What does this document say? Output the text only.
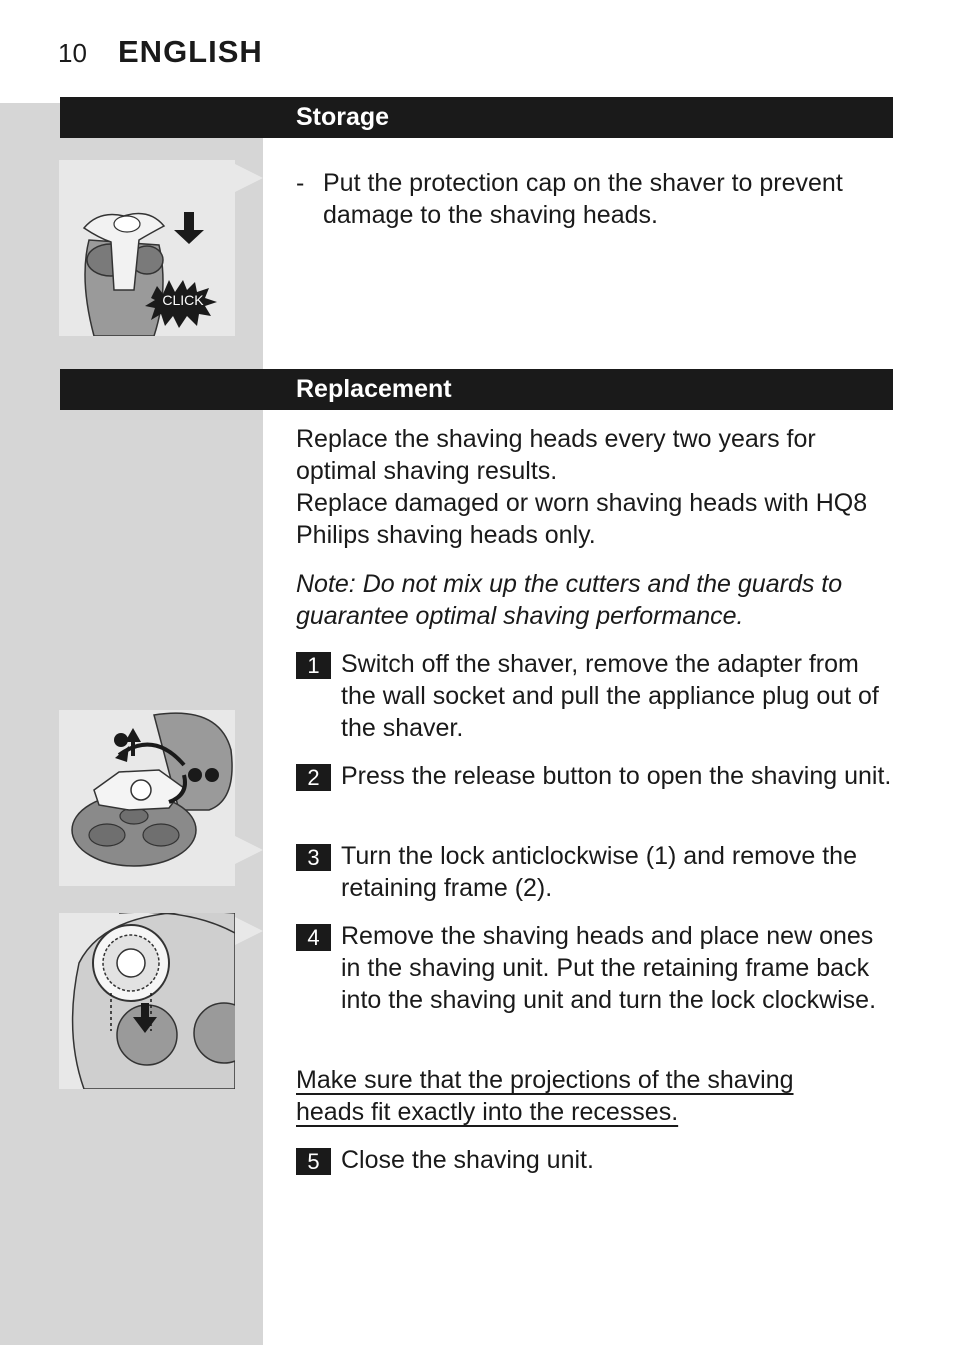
10 ENGLISH
Storage
CLICK
- Put the protection cap on the shaver to prevent damage to the shaving heads.
Replacement
Replace the shaving heads every two years for optimal shaving results.
Replace damaged or worn shaving heads with HQ8 Philips shaving heads only.
Note: Do not mix up the cutters and the guards to guarantee optimal shaving performance.
1 Switch off the shaver, remove the adapter from the wall socket and pull the appliance plug out of the shaver.
2 Press the release button to open the shaving unit.
3 Turn the lock anticlockwise (1) and remove the retaining frame (2).
4 Remove the shaving heads and place new ones in the shaving unit. Put the retaining frame back into the shaving unit and turn the lock clockwise.
Make sure that the projections of the shaving heads fit exactly into the recesses.
5 Close the shaving unit.
